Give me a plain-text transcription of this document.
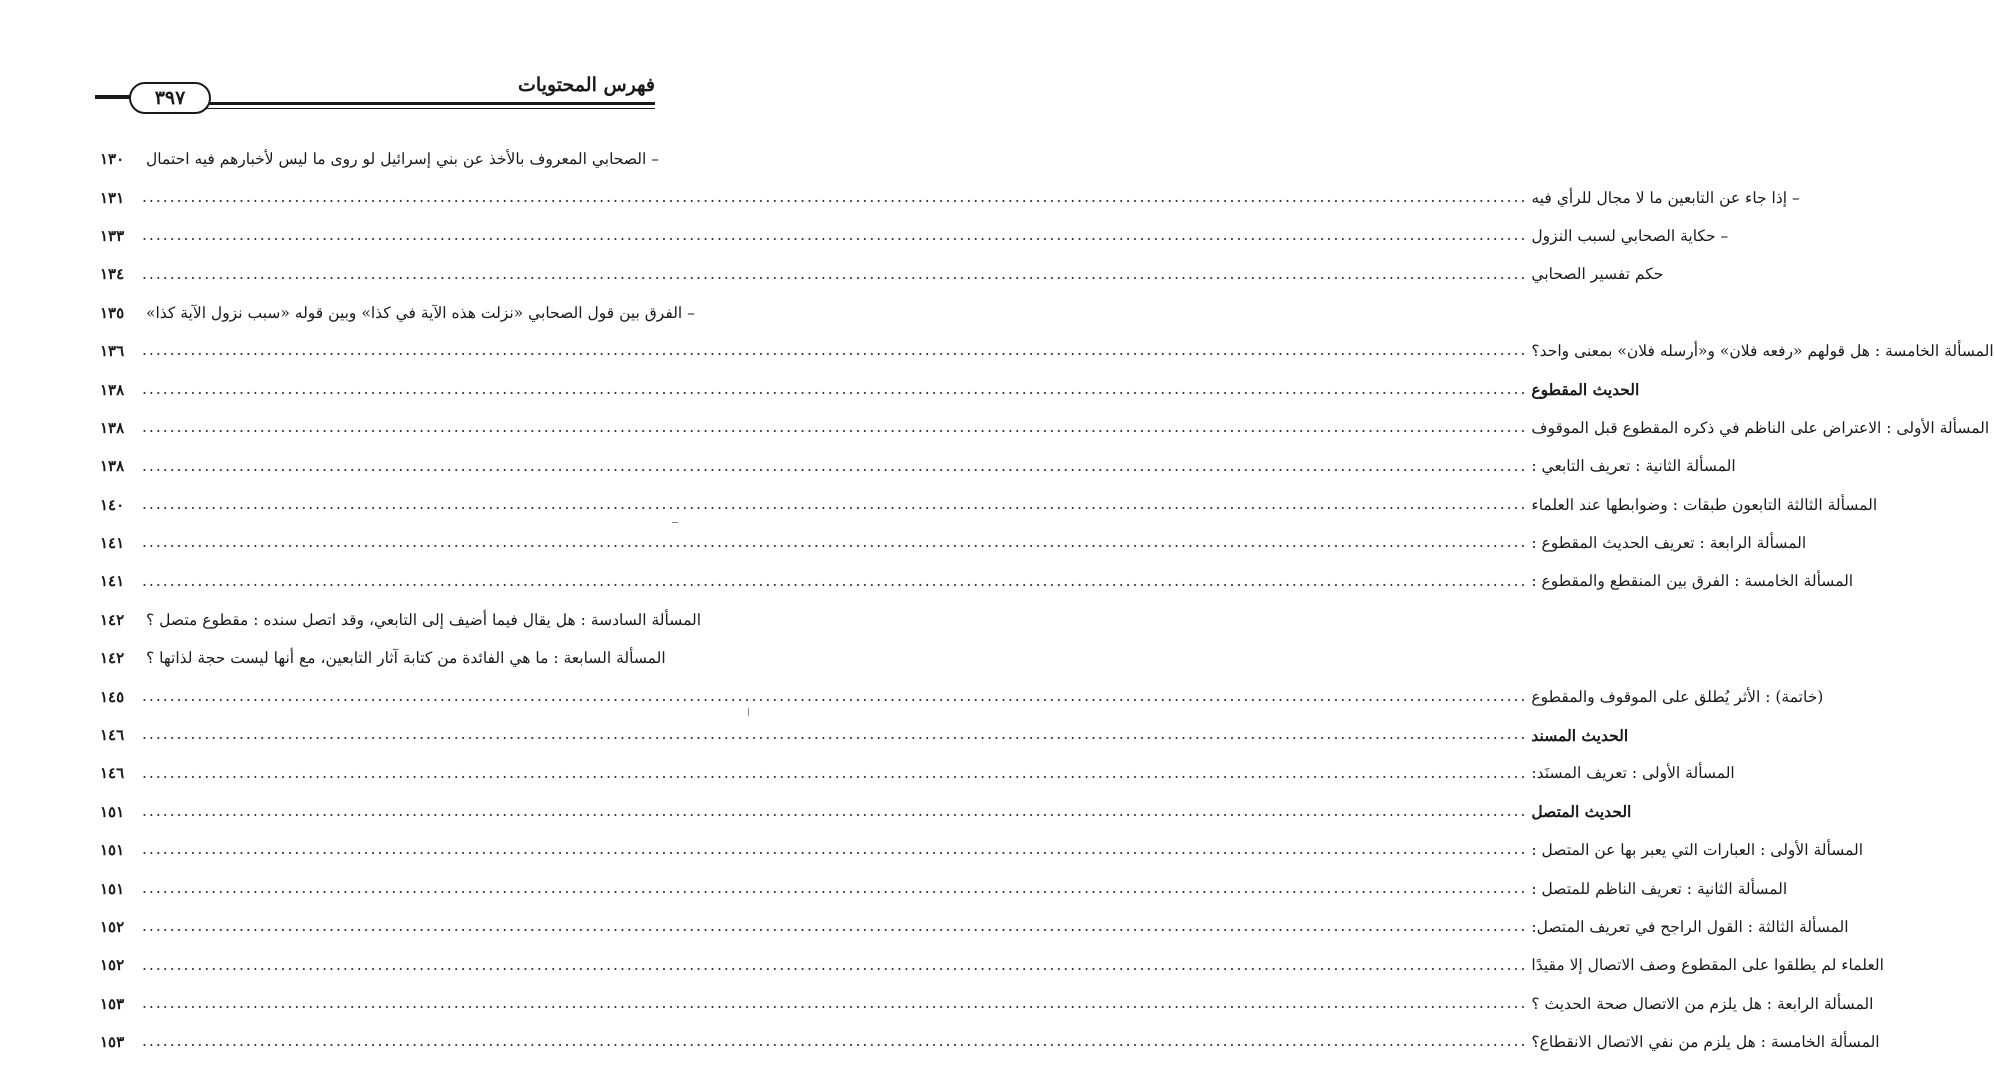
فهرس المحتويات
٣٩٧
١٣٠	– الصحابي المعروف بالأخذ عن بني إسرائيل لو روى ما ليس لأخبارهم فيه احتمال
١٣١	........................................................................................................................................................................................................ – إذا جاء عن التابعين ما لا مجال للرأي فيه
١٣٣	........................................................................................................................................................................................................ – حكاية الصحابي لسبب النزول
١٣٤	........................................................................................................................................................................................................ حكم تفسير الصحابي
١٣٥	– الفرق بين قول الصحابي «نزلت هذه الآية في كذا» وبين قوله «سبب نزول الآية كذا»
١٣٦	........................................................................................................................................................................................................ المسألة الخامسة : هل قولهم «رفعه فلان» و«أرسله فلان» بمعنى واحد؟
١٣٨	........................................................................................................................................................................................................ الحديث المقطوع
١٣٨	........................................................................................................................................................................................................ المسألة الأولى : الاعتراض على الناظم في ذكره المقطوع قبل الموقوف
١٣٨	........................................................................................................................................................................................................ المسألة الثانية : تعريف التابعي :
١٤٠	........................................................................................................................................................................................................ المسألة الثالثة التابعون طبقات : وضوابطها عند العلماء
١٤١	........................................................................................................................................................................................................ المسألة الرابعة : تعريف الحديث المقطوع :
١٤١	........................................................................................................................................................................................................ المسألة الخامسة : الفرق بين المنقطع والمقطوع :
١٤٢	المسألة السادسة : هل يقال فيما أضيف إلى التابعي، وقد اتصل سنده : مقطوع متصل ؟
١٤٢	المسألة السابعة : ما هي الفائدة من كتابة آثار التابعين، مع أنها ليست حجة لذاتها ؟
١٤٥	........................................................................................................................................................................................................ (خاتمة) : الأثر يُطلق على الموقوف والمقطوع
١٤٦	........................................................................................................................................................................................................ الحديث المسند
١٤٦	........................................................................................................................................................................................................ المسألة الأولى : تعريف المسنَد:
١٥١	........................................................................................................................................................................................................ الحديث المتصل
١٥١	........................................................................................................................................................................................................ المسألة الأولى : العبارات التي يعبر بها عن المتصل :
١٥١	........................................................................................................................................................................................................ المسألة الثانية : تعريف الناظم للمتصل :
١٥٢	........................................................................................................................................................................................................ المسألة الثالثة : القول الراجح في تعريف المتصل:
١٥٢	........................................................................................................................................................................................................ العلماء لم يطلقوا على المقطوع وصف الاتصال إلا مقيدًا
١٥٣	........................................................................................................................................................................................................ المسألة الرابعة : هل يلزم من الاتصال صحة الحديث ؟
١٥٣	........................................................................................................................................................................................................ المسألة الخامسة : هل يلزم من نفي الاتصال الانقطاع؟
